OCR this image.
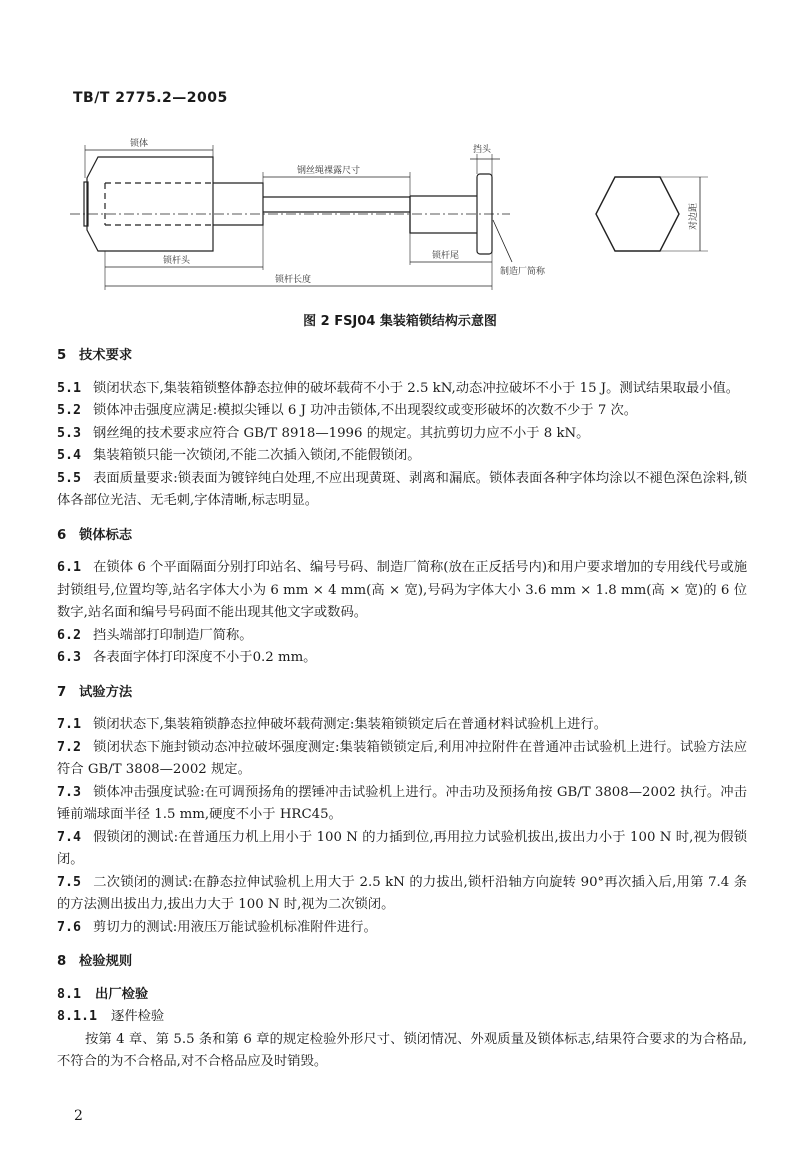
TB/T 2775.2—2005
锁体
钢丝绳裸露尺寸
挡头
锁杆头	锁杆尾
锁杆长度
制造厂简称
对边距
图 2 FSJ04 集装箱锁结构示意图
5 技术要求

5.1 锁闭状态下,集装箱锁整体静态拉伸的破坏载荷不小于 2.5 kN,动态冲拉破坏不小于 15 J。测试结果取最小值。

5.2 锁体冲击强度应满足:模拟尖锤以 6 J 功冲击锁体,不出现裂纹或变形破坏的次数不少于 7 次。

5.3 钢丝绳的技术要求应符合 GB/T 8918—1996 的规定。其抗剪切力应不小于 8 kN。

5.4 集装箱锁只能一次锁闭,不能二次插入锁闭,不能假锁闭。

5.5 表面质量要求:锁表面为镀锌纯白处理,不应出现黄斑、剥离和漏底。锁体表面各种字体均涂以不褪色深色涂料,锁体各部位光洁、无毛刺,字体清晰,标志明显。

6 锁体标志

6.1 在锁体 6 个平面隔面分别打印站名、编号号码、制造厂简称(放在正反括号内)和用户要求增加的专用线代号或施封锁组号,位置均等,站名字体大小为 6 mm × 4 mm(高 × 宽),号码为字体大小 3.6 mm × 1.8 mm(高 × 宽)的 6 位数字,站名面和编号号码面不能出现其他文字或数码。

6.2 挡头端部打印制造厂简称。

6.3 各表面字体打印深度不小于0.2 mm。

7 试验方法

7.1 锁闭状态下,集装箱锁静态拉伸破坏载荷测定:集装箱锁锁定后在普通材料试验机上进行。

7.2 锁闭状态下施封锁动态冲拉破坏强度测定:集装箱锁锁定后,利用冲拉附件在普通冲击试验机上进行。试验方法应符合 GB/T 3808—2002 规定。

7.3 锁体冲击强度试验:在可调预扬角的摆锤冲击试验机上进行。冲击功及预扬角按 GB/T 3808—2002 执行。冲击锤前端球面半径 1.5 mm,硬度不小于 HRC45。

7.4 假锁闭的测试:在普通压力机上用小于 100 N 的力插到位,再用拉力试验机拔出,拔出力小于 100 N 时,视为假锁闭。

7.5 二次锁闭的测试:在静态拉伸试验机上用大于 2.5 kN 的力拔出,锁杆沿轴方向旋转 90°再次插入后,用第 7.4 条的方法测出拔出力,拔出力大于 100 N 时,视为二次锁闭。

7.6 剪切力的测试:用液压万能试验机标准附件进行。

8 检验规则

8.1 出厂检验

8.1.1 逐件检验

按第 4 章、第 5.5 条和第 6 章的规定检验外形尺寸、锁闭情况、外观质量及锁体标志,结果符合要求的为合格品,不符合的为不合格品,对不合格品应及时销毁。

2
